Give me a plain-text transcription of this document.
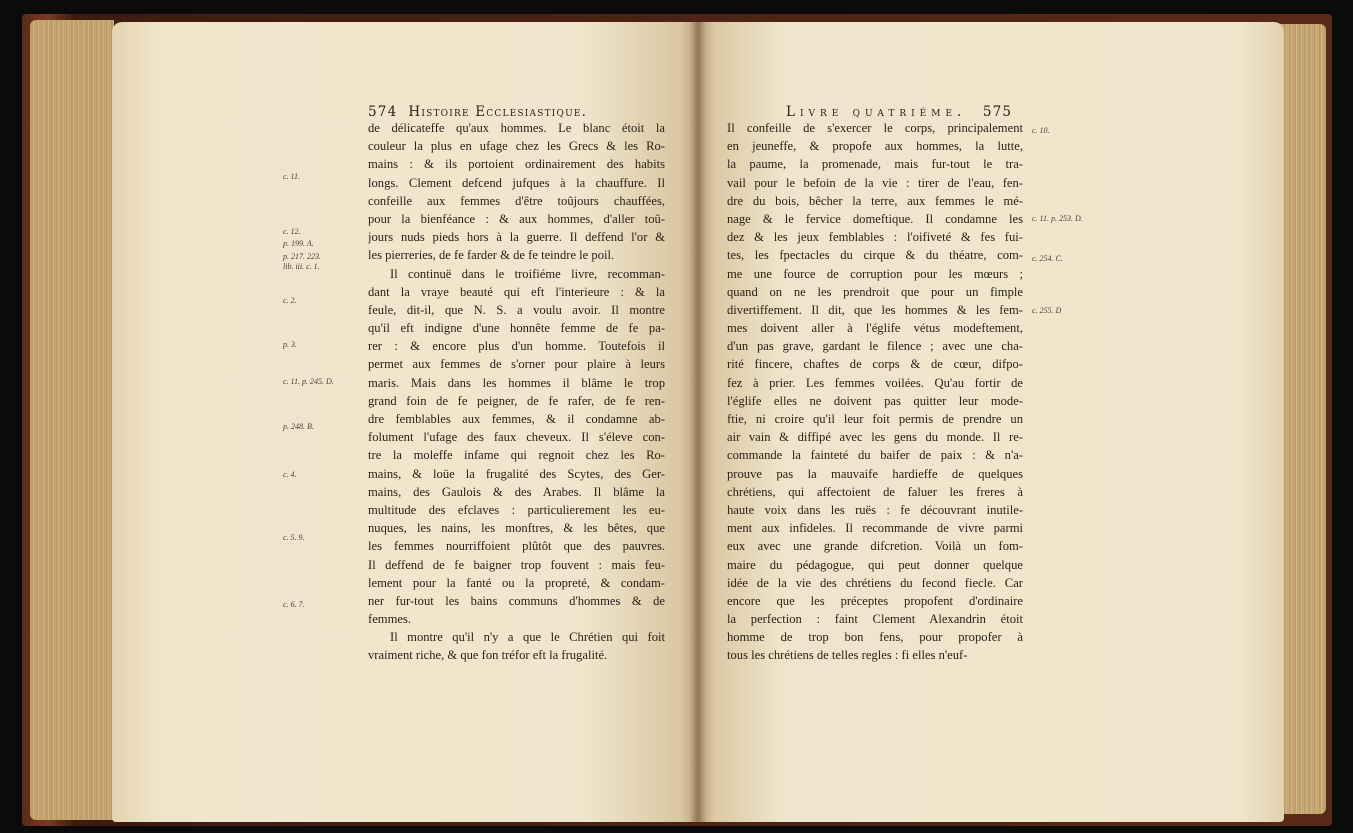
574 Histoire Ecclesiastique.
de délicateffe qu'aux hommes. Le blanc étoit la
couleur la plus en ufage chez les Grecs & les Ro-
mains : & ils portoient ordinairement des habits
longs. Clement defcend jufques à la chauffure. Il
confeille aux femmes d'être toûjours chauffées,
pour la bienféance : & aux hommes, d'aller toû-
jours nuds pieds hors à la guerre. Il deffend l'or &
les pierreries, de fe farder & de fe teindre le poil.
Il continuë dans le troifiéme livre, recomman-
dant la vraye beauté qui eft l'interieure : & la
feule, dit-il, que N. S. a voulu avoir. Il montre
qu'il eft indigne d'une honnête femme de fe pa-
rer : & encore plus d'un homme. Toutefois il
permet aux femmes de s'orner pour plaire à leurs
maris. Mais dans les hommes il blâme le trop
grand foin de fe peigner, de fe rafer, de fe ren-
dre femblables aux femmes, & il condamne ab-
folument l'ufage des faux cheveux. Il s'éleve con-
tre la moleffe infame qui regnoit chez les Ro-
mains, & loüe la frugalité des Scytes, des Ger-
mains, des Gaulois & des Arabes. Il blâme la
multitude des efclaves : particulierement les eu-
nuques, les nains, les monftres, & les bêtes, que
les femmes nourriffoient plûtôt que des pauvres.
Il deffend de fe baigner trop fouvent : mais feu-
lement pour la fanté ou la propreté, & condam-
ner fur-tout les bains communs d'hommes & de
femmes.
Il montre qu'il n'y a que le Chrétien qui foit
vraiment riche, & que fon tréfor eft la frugalité.
c. 11.
c. 12.
p. 199. A.
p. 217. 223.
lib. iii. c. 1.
c. 2.
p. 3.
c. 11. p. 245. D.
p. 248. B.
c. 4.
c. 5. 9.
c. 6. 7.
Livre quatriéme. 575
Il confeille de s'exercer le corps, principalement
en jeuneffe, & propofe aux hommes, la lutte,
la paume, la promenade, mais fur-tout le tra-
vail pour le befoin de la vie : tirer de l'eau, fen-
dre du bois, bêcher la terre, aux femmes le mé-
nage & le fervice domeftique. Il condamne les
dez & les jeux femblables : l'oifiveté & fes fui-
tes, les fpectacles du cirque & du théatre, com-
me une fource de corruption pour les mœurs ;
quand on ne les prendroit que pour un fimple
divertiffement. Il dit, que les hommes & les fem-
mes doivent aller à l'églife vétus modeftement,
d'un pas grave, gardant le filence ; avec une cha-
rité fincere, chaftes de corps & de cœur, difpo-
fez à prier. Les femmes voilées. Qu'au fortir de
l'églife elles ne doivent pas quitter leur mode-
ftie, ni croire qu'il leur foit permis de prendre un
air vain & diffipé avec les gens du monde. Il re-
commande la fainteté du baifer de paix : & n'a-
prouve pas la mauvaife hardieffe de quelques
chrétiens, qui affectoient de faluer les freres à
haute voix dans les ruës : fe découvrant inutile-
ment aux infideles. Il recommande de vivre parmi
eux avec une grande difcretion. Voilà un fom-
maire du pédagogue, qui peut donner quelque
idée de la vie des chrétiens du fecond fiecle. Car
encore que les préceptes propofent d'ordinaire
la perfection : faint Clement Alexandrin étoit
homme de trop bon fens, pour propofer à
tous les chrétiens de telles regles : fi elles n'euf-
c. 10.
c. 11. p. 253. D.
c. 254. C.
c. 255. D
